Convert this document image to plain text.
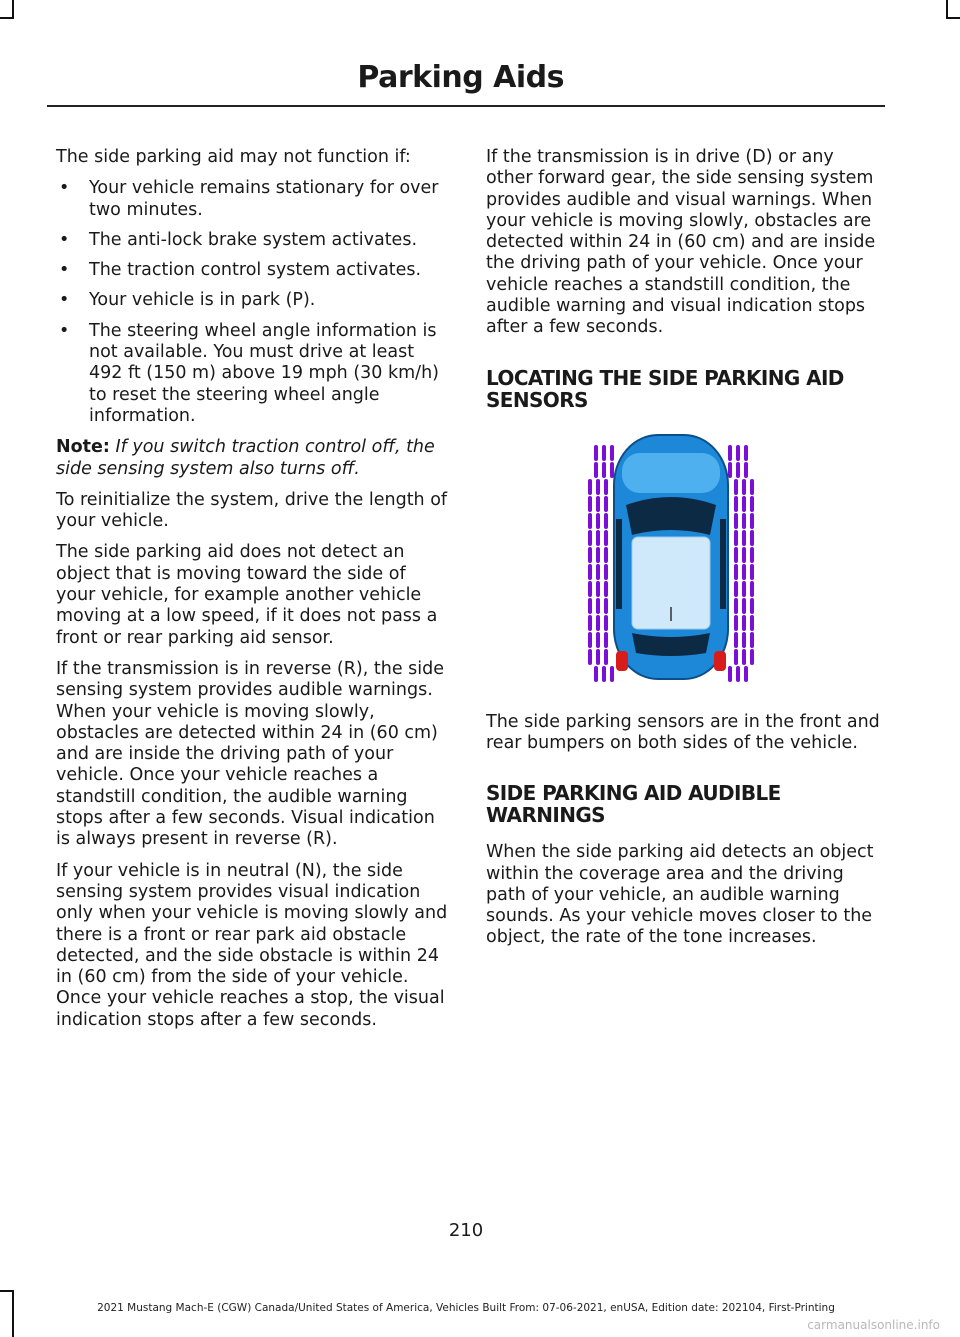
Parking Aids

The side parking aid may not function if:

• Your vehicle remains stationary for over two minutes.
• The anti-lock brake system activates.
• The traction control system activates.
• Your vehicle is in park (P).
• The steering wheel angle information is not available. You must drive at least 492 ft (150 m) above 19 mph (30 km/h) to reset the steering wheel angle information.

Note: If you switch traction control off, the side sensing system also turns off.

To reinitialize the system, drive the length of your vehicle.

The side parking aid does not detect an object that is moving toward the side of your vehicle, for example another vehicle moving at a low speed, if it does not pass a front or rear parking aid sensor.

If the transmission is in reverse (R), the side sensing system provides audible warnings. When your vehicle is moving slowly, obstacles are detected within 24 in (60 cm) and are inside the driving path of your vehicle. Once your vehicle reaches a standstill condition, the audible warning stops after a few seconds. Visual indication is always present in reverse (R).

If your vehicle is in neutral (N), the side sensing system provides visual indication only when your vehicle is moving slowly and there is a front or rear park aid obstacle detected, and the side obstacle is within 24 in (60 cm) from the side of your vehicle. Once your vehicle reaches a stop, the visual indication stops after a few seconds.

If the transmission is in drive (D) or any other forward gear, the side sensing system provides audible and visual warnings. When your vehicle is moving slowly, obstacles are detected within 24 in (60 cm) and are inside the driving path of your vehicle. Once your vehicle reaches a standstill condition, the audible warning and visual indication stops after a few seconds.

LOCATING THE SIDE PARKING AID SENSORS

The side parking sensors are in the front and rear bumpers on both sides of the vehicle.

SIDE PARKING AID AUDIBLE WARNINGS

When the side parking aid detects an object within the coverage area and the driving path of your vehicle, an audible warning sounds. As your vehicle moves closer to the object, the rate of the tone increases.

210
2021 Mustang Mach-E (CGW) Canada/United States of America, Vehicles Built From: 07-06-2021, enUSA, Edition date: 202104, First-Printing
carmanualsonline.info
